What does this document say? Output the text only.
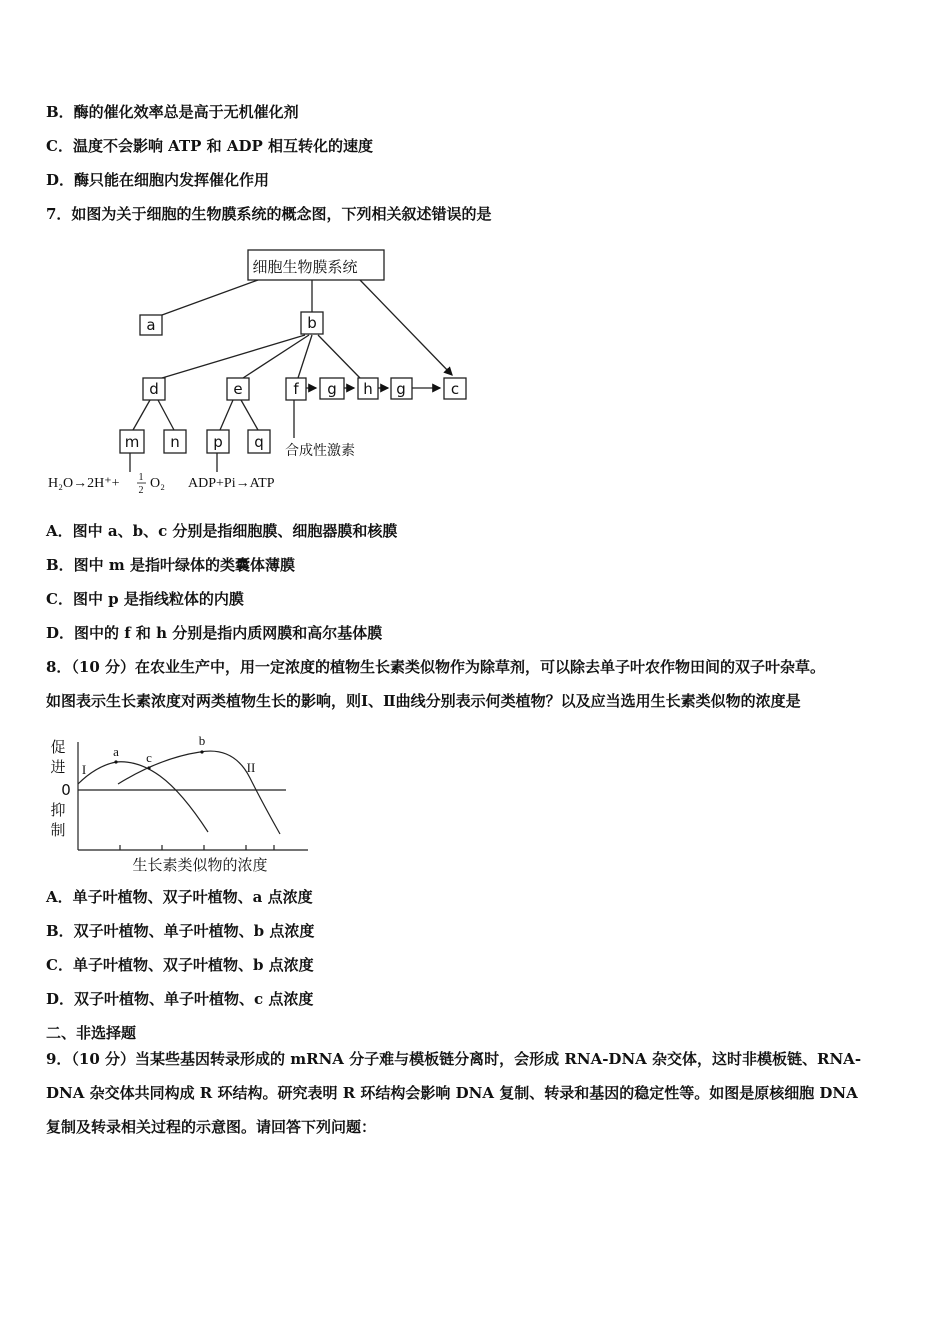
B．酶的催化效率总是高于无机催化剂
C．温度不会影响 ATP 和 ADP 相互转化的速度
D．酶只能在细胞内发挥催化作用
7．如图为关于细胞的生物膜系统的概念图，下列相关叙述错误的是
细胞生物膜系统
a	b
c
d	e	f g h g
m n p q 合成性激素
H₂O→2H⁺+ 1
2 O₂ ADP+Pi→ATP
A．图中 a、b、c 分别是指细胞膜、细胞器膜和核膜
B．图中 m 是指叶绿体的类囊体薄膜
C．图中 p 是指线粒体的内膜
D．图中的 f 和 h 分别是指内质网膜和高尔基体膜
8．（10 分）在农业生产中，用一定浓度的植物生长素类似物作为除草剂，可以除去单子叶农作物田间的双子叶杂草。
如图表示生长素浓度对两类植物生长的影响，则Ⅰ、Ⅱ曲线分别表示何类植物？以及应当选用生长素类似物的浓度是
促
进
0
抑
制
生长素类似物的浓度
I	II
a c
b
A．单子叶植物、双子叶植物、a 点浓度
B．双子叶植物、单子叶植物、b 点浓度
C．单子叶植物、双子叶植物、b 点浓度
D．双子叶植物、单子叶植物、c 点浓度
二、非选择题
9．（10 分）当某些基因转录形成的 mRNA 分子难与模板链分离时，会形成 RNA-DNA 杂交体，这时非模板链、RNA-
DNA 杂交体共同构成 R 环结构。研究表明 R 环结构会影响 DNA 复制、转录和基因的稳定性等。如图是原核细胞 DNA
复制及转录相关过程的示意图。请回答下列问题：
